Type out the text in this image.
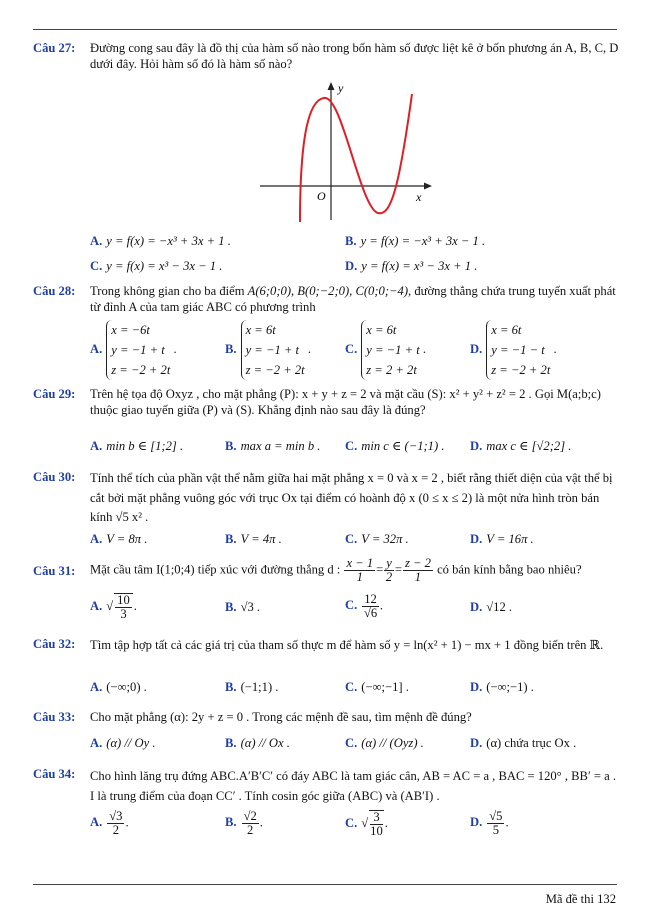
Câu 27: Đường cong sau đây là đồ thị của hàm số nào trong bốn hàm số được liệt kê ở bốn phương án A, B, C, D dưới đây. Hỏi hàm số đó là hàm số nào?
y
x
O
A. y = f(x) = −x³ + 3x + 1 .	B. y = f(x) = −x³ + 3x − 1 .
C. y = f(x) = x³ − 3x − 1 .	D. y = f(x) = x³ − 3x + 1 .
Câu 28: Trong không gian cho ba điểm A(6;0;0), B(0;−2;0), C(0;0;−4), đường thẳng chứa trung tuyến xuất phát từ đỉnh A của tam giác ABC có phương trình
A.x = −6t
y = −1 + t
z = −2 + 2t .	B.x = 6t
y = −1 + t
z = −2 + 2t .	C.x = 6t
y = −1 + t
z = 2 + 2t .	D.x = 6t
y = −1 − t
z = −2 + 2t .
Câu 29: Trên hệ tọa độ Oxyz , cho mặt phẳng (P): x + y + z = 2 và mặt cầu (S): x² + y² + z² = 2 . Gọi M(a;b;c) thuộc giao tuyến giữa (P) và (S). Khẳng định nào sau đây là đúng?
A. min b ∈ [1;2] .	B. max a = min b . C. min c ∈ (−1;1) . D. max c ∈ [√2;2] .
Câu 30: Tính thể tích của phần vật thể nằm giữa hai mặt phẳng x = 0 và x = 2 , biết rằng thiết diện của vật thể bị cắt bởi mặt phẳng vuông góc với trục Ox tại điểm có hoành độ x (0 ≤ x ≤ 2) là một nửa hình tròn bán kính √5 x² .
A. V = 8π .	B. V = 4π .	C. V = 32π .	D. V = 16π .
Câu 31: Mặt cầu tâm I(1;0;4) tiếp xúc với đường thẳng d : $\frac{x - 1}{1} = \frac{y}{2} = \frac{z - 2}{1}$ có bán kính bằng bao nhiêu?
A. √ $\frac{10}{3}$ .	B. √3 .	C. $\frac{12}{√6}$ .	D. √12 .
Câu 32: Tìm tập hợp tất cả các giá trị của tham số thực m để hàm số y = ln(x² + 1) − mx + 1 đồng biến trên ℝ.
A. (−∞;0) .	B. (−1;1) .	C. (−∞;−1] .	D. (−∞;−1) .
Câu 33: Cho mặt phẳng (α): 2y + z = 0 . Trong các mệnh đề sau, tìm mệnh đề đúng?
A. (α) // Oy .	B. (α) // Ox .	C. (α) // (Oyz) .	D. (α) chứa trục Ox .
Câu 34: Cho hình lăng trụ đứng ABC.A′B′C′ có đáy ABC là tam giác cân, AB = AC = a , BAC = 120° , BB′ = a . I là trung điểm của đoạn CC′ . Tính cosin góc giữa (ABC) và (AB′I) .
A. $\frac{√3}{2}$ .	B. $\frac{√2}{2}$ .	C. √ $\frac{3}{10}$ .	D. $\frac{√5}{5}$ .
Mã đề thi 132
